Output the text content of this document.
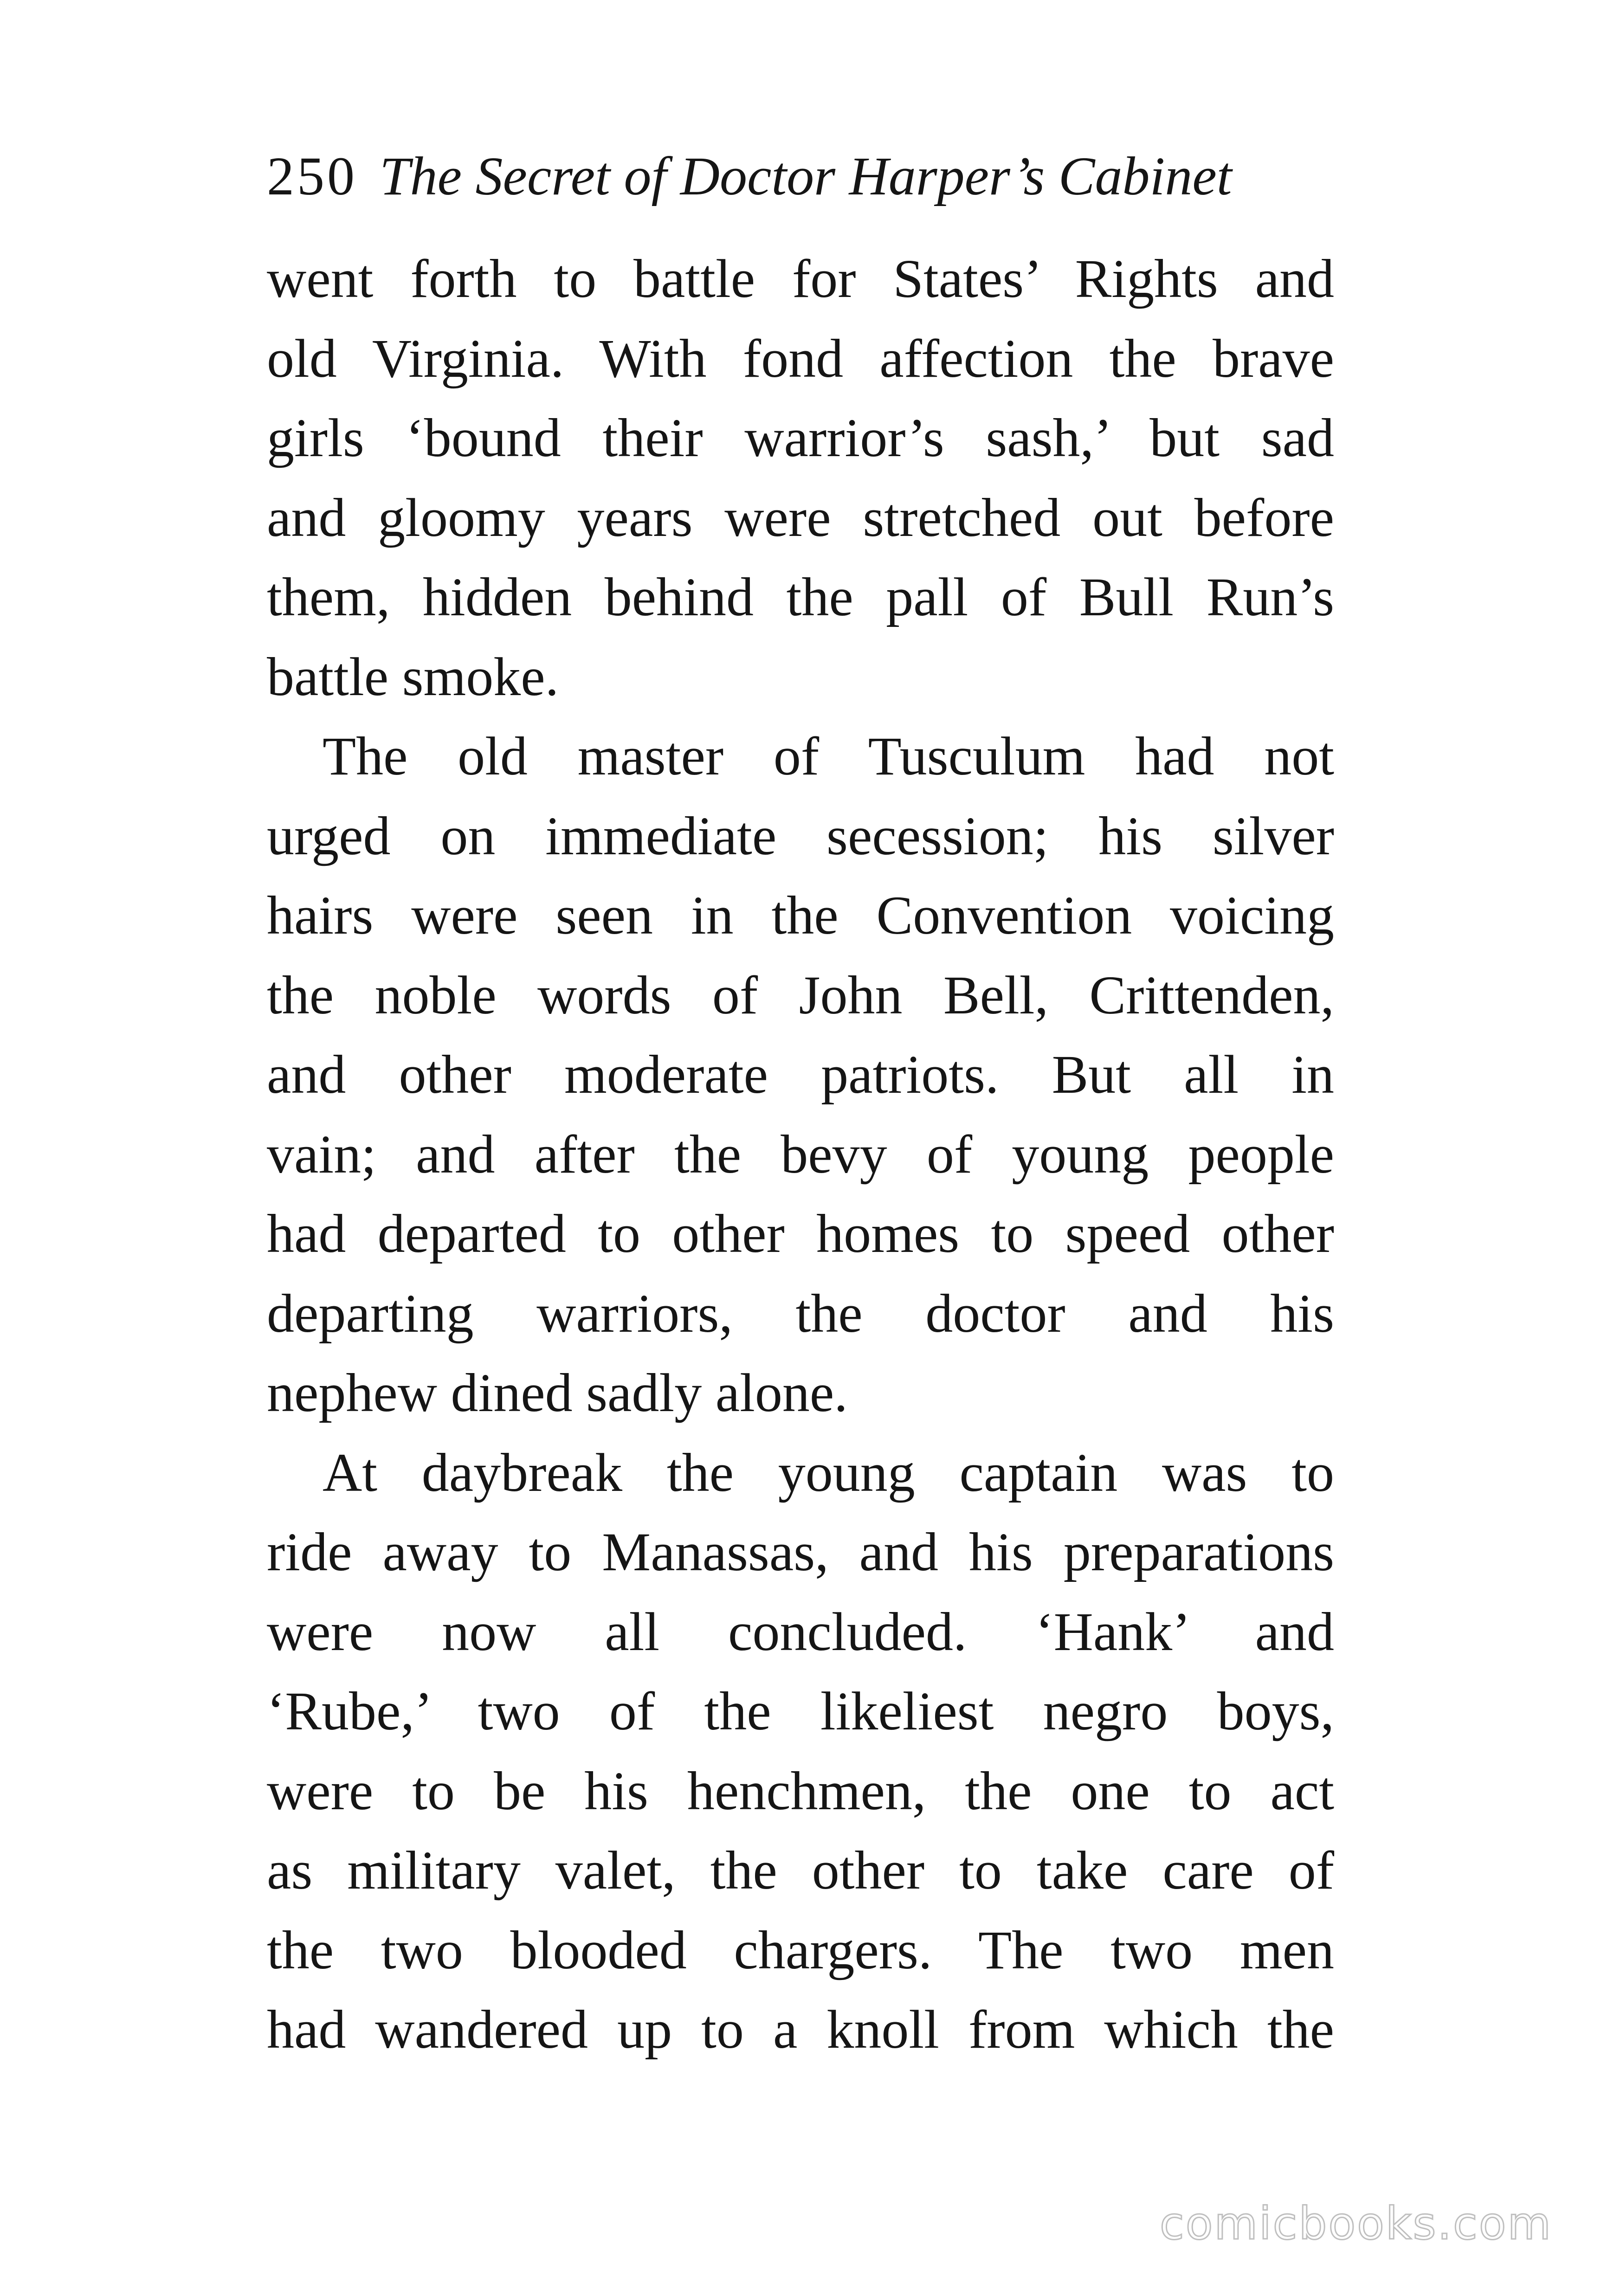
250 The Secret of Doctor Harper’s Cabinet
went forth to battle for States’ Rights and
old Virginia. With fond affection the brave
girls ‘bound their warrior’s sash,’ but sad
and gloomy years were stretched out before
them, hidden behind the pall of Bull Run’s
battle smoke.
The old master of Tusculum had not
urged on immediate secession; his silver
hairs were seen in the Convention voicing
the noble words of John Bell, Crittenden,
and other moderate patriots. But all in
vain; and after the bevy of young people
had departed to other homes to speed other
departing warriors, the doctor and his
nephew dined sadly alone.
At daybreak the young captain was to
ride away to Manassas, and his preparations
were now all concluded. ‘Hank’ and
‘Rube,’ two of the likeliest negro boys,
were to be his henchmen, the one to act
as military valet, the other to take care of
the two blooded chargers. The two men
had wandered up to a knoll from which the
comicbooks.com
